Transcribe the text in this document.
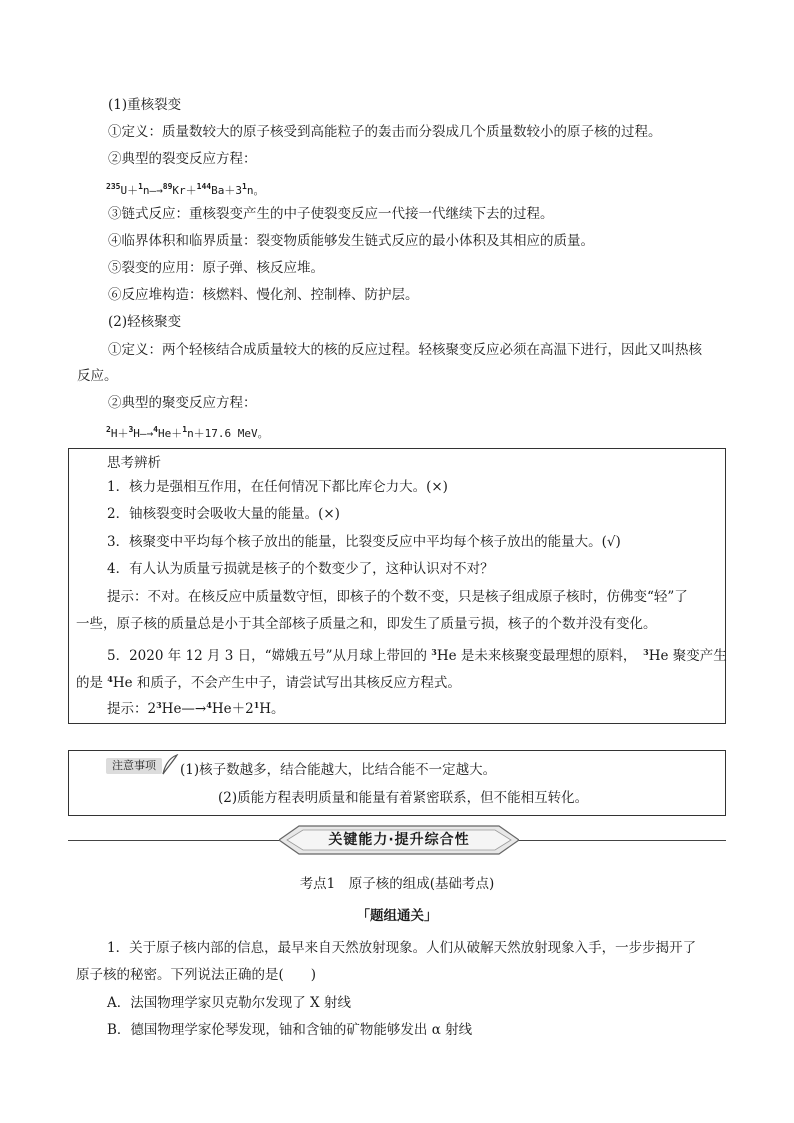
(1)重核裂变
①定义：质量数较大的原子核受到高能粒子的轰击而分裂成几个质量数较小的原子核的过程。
②典型的裂变反应方程：
$^{235}U+^1n—\to^{89}Kr+^{144}Ba+3^1n$。
③链式反应：重核裂变产生的中子使裂变反应一代接一代继续下去的过程。
④临界体积和临界质量：裂变物质能够发生链式反应的最小体积及其相应的质量。
⑤裂变的应用：原子弹、核反应堆。
⑥反应堆构造：核燃料、慢化剂、控制棒、防护层。
(2)轻核聚变
①定义：两个轻核结合成质量较大的核的反应过程。轻核聚变反应必须在高温下进行，因此又叫热核
反应。
②典型的聚变反应方程：
$^2$H＋$^3$H—→$^4$He＋$^1$n＋17.6 MeV。
思考辨析
1．核力是强相互作用，在任何情况下都比库仑力大。(×)
2．铀核裂变时会吸收大量的能量。(×)
3．核聚变中平均每个核子放出的能量，比裂变反应中平均每个核子放出的能量大。(√)
4．有人认为质量亏损就是核子的个数变少了，这种认识对不对？
提示：不对。在核反应中质量数守恒，即核子的个数不变，只是核子组成原子核时，仿佛变“轻”了
一些，原子核的质量总是小于其全部核子质量之和，即发生了质量亏损，核子的个数并没有变化。
5．2020 年 12 月 3 日，“嫦娥五号”从月球上带回的 $^3$He 是未来核聚变最理想的原料，　 $^3$He 聚变产生
的是 $^4$He 和质子，不会产生中子，请尝试写出其核反应方程式。
提示：$2^3He—\to^4He+2^1H$。
注意事项	(1)核子数越多，结合能越大，比结合能不一定越大。
(2)质能方程表明质量和能量有着紧密联系，但不能相互转化。
关键能力·提升综合性
考点1　原子核的组成(基础考点)
「题组通关」
1．关于原子核内部的信息，最早来自天然放射现象。人们从破解天然放射现象入手，一步步揭开了
原子核的秘密。下列说法正确的是(　　)
A．法国物理学家贝克勒尔发现了 X 射线
B．德国物理学家伦琴发现，铀和含铀的矿物能够发出 α 射线
